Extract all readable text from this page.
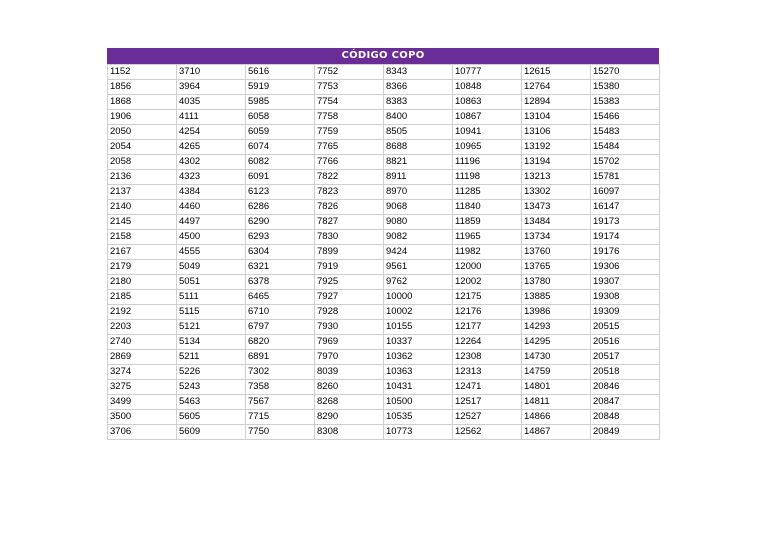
CÓDIGO COPO
1152	3710	5616	7752	8343	10777	12615	15270
1856	3964	5919	7753	8366	10848	12764	15380
1868	4035	5985	7754	8383	10863	12894	15383
1906	4111	6058	7758	8400	10867	13104	15466
2050	4254	6059	7759	8505	10941	13106	15483
2054	4265	6074	7765	8688	10965	13192	15484
2058	4302	6082	7766	8821	11196	13194	15702
2136	4323	6091	7822	8911	11198	13213	15781
2137	4384	6123	7823	8970	11285	13302	16097
2140	4460	6286	7826	9068	11840	13473	16147
2145	4497	6290	7827	9080	11859	13484	19173
2158	4500	6293	7830	9082	11965	13734	19174
2167	4555	6304	7899	9424	11982	13760	19176
2179	5049	6321	7919	9561	12000	13765	19306
2180	5051	6378	7925	9762	12002	13780	19307
2185	5111	6465	7927	10000	12175	13885	19308
2192	5115	6710	7928	10002	12176	13986	19309
2203	5121	6797	7930	10155	12177	14293	20515
2740	5134	6820	7969	10337	12264	14295	20516
2869	5211	6891	7970	10362	12308	14730	20517
3274	5226	7302	8039	10363	12313	14759	20518
3275	5243	7358	8260	10431	12471	14801	20846
3499	5463	7567	8268	10500	12517	14811	20847
3500	5605	7715	8290	10535	12527	14866	20848
3706	5609	7750	8308	10773	12562	14867	20849
